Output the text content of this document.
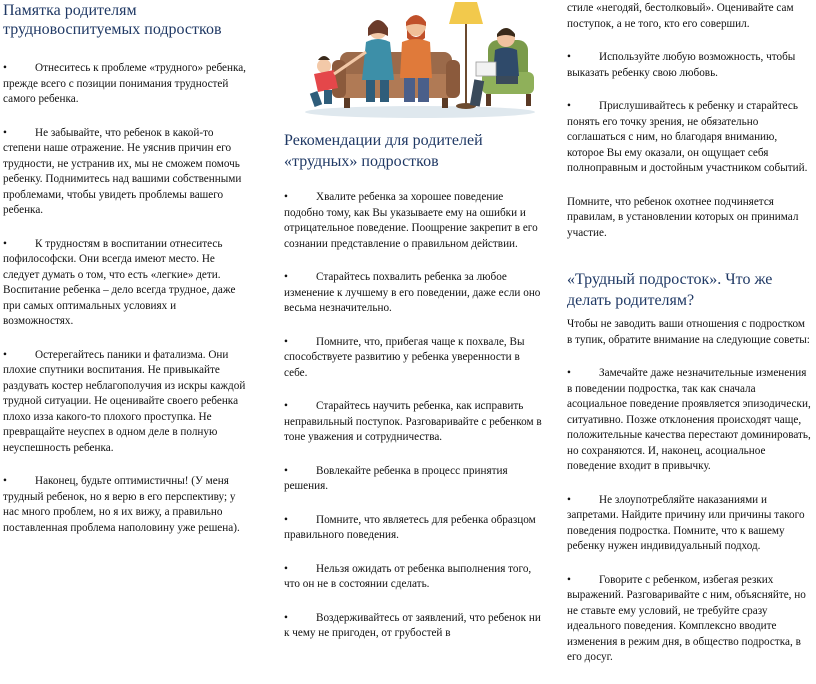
Памятка родителям трудновоспитуемых подростков

•	Отнеситесь к проблеме «трудного» ребенка, прежде всего с позиции понимания трудностей самого ребенка.

•	Не забывайте, что ребенок в какой-то степени наше отражение. Не уяснив причин его трудности, не устранив их, мы не сможем помочь ребенку. Поднимитесь над вашими собственными проблемами, чтобы увидеть проблемы вашего ребенка.

•	К трудностям в воспитании отнеситесь пофилософски. Они всегда имеют место. Не следует думать о том, что есть «легкие» дети. Воспитание ребенка – дело всегда трудное, даже при самых оптимальных условиях и возможностях.

•	Остерегайтесь паники и фатализма. Они плохие спутники воспитания. Не привыкайте раздувать костер неблагополучия из искры каждой трудной ситуации. Не оценивайте своего ребенка плохо изза какого-то плохого проступка. Не превращайте неуспех в одном деле в полную неуспешность ребенка.

•	Наконец, будьте оптимистичны! (У меня трудный ребенок, но я верю в его перспективу; у нас много проблем, но я их вижу, а правильно поставленная проблема наполовину уже решена).

Рекомендации для родителей «трудных» подростков

•	Хвалите ребенка за хорошее поведение подобно тому, как Вы указываете ему на ошибки и отрицательное поведение. Поощрение закрепит в его сознании представление о правильном действии.

•	Старайтесь похвалить ребенка за любое изменение к лучшему в его поведении, даже если оно весьма незначительно.

•	Помните, что, прибегая чаще к похвале, Вы способствуете развитию у ребенка уверенности в себе.

•	Старайтесь научить ребенка, как исправить неправильный поступок. Разговаривайте с ребенком в тоне уважения и сотрудничества.

•	Вовлекайте ребенка в процесс принятия решения.

•	Помните, что являетесь для ребенка образцом правильного поведения.

•	Нельзя ожидать от ребенка выполнения того, что он не в состоянии сделать.

•	Воздерживайтесь от заявлений, что ребенок ни к чему не пригоден, от грубостей в

стиле «негодяй, бестолковый». Оценивайте сам поступок, а не того, кто его совершил.

•	Используйте любую возможность, чтобы выказать ребенку свою любовь.

•	Прислушивайтесь к ребенку и старайтесь понять его точку зрения, не обязательно соглашаться с ним, но благодаря вниманию, которое Вы ему оказали, он ощущает себя полноправным и достойным участником событий.

Помните, что ребенок охотнее подчиняется правилам, в установлении которых он принимал участие.

«Трудный подросток». Что же делать родителям?

Чтобы не заводить ваши отношения с подростком в тупик, обратите внимание на следующие советы:

•	Замечайте даже незначительные изменения в поведении подростка, так как сначала асоциальное поведение проявляется эпизодически, ситуативно. Позже отклонения происходят чаще, положительные качества перестают доминировать, но сохраняются. И, наконец, асоциальное поведение входит в привычку.

•	Не злоупотребляйте наказаниями и запретами. Найдите причину или причины такого поведения подростка. Помните, что к вашему ребенку нужен индивидуальный подход.

•	Говорите с ребенком, избегая резких выражений. Разговаривайте с ним, объясняйте, но не ставьте ему условий, не требуйте сразу идеального поведения. Комплексно вводите изменения в режим дня, в общество подростка, в его досуг.
